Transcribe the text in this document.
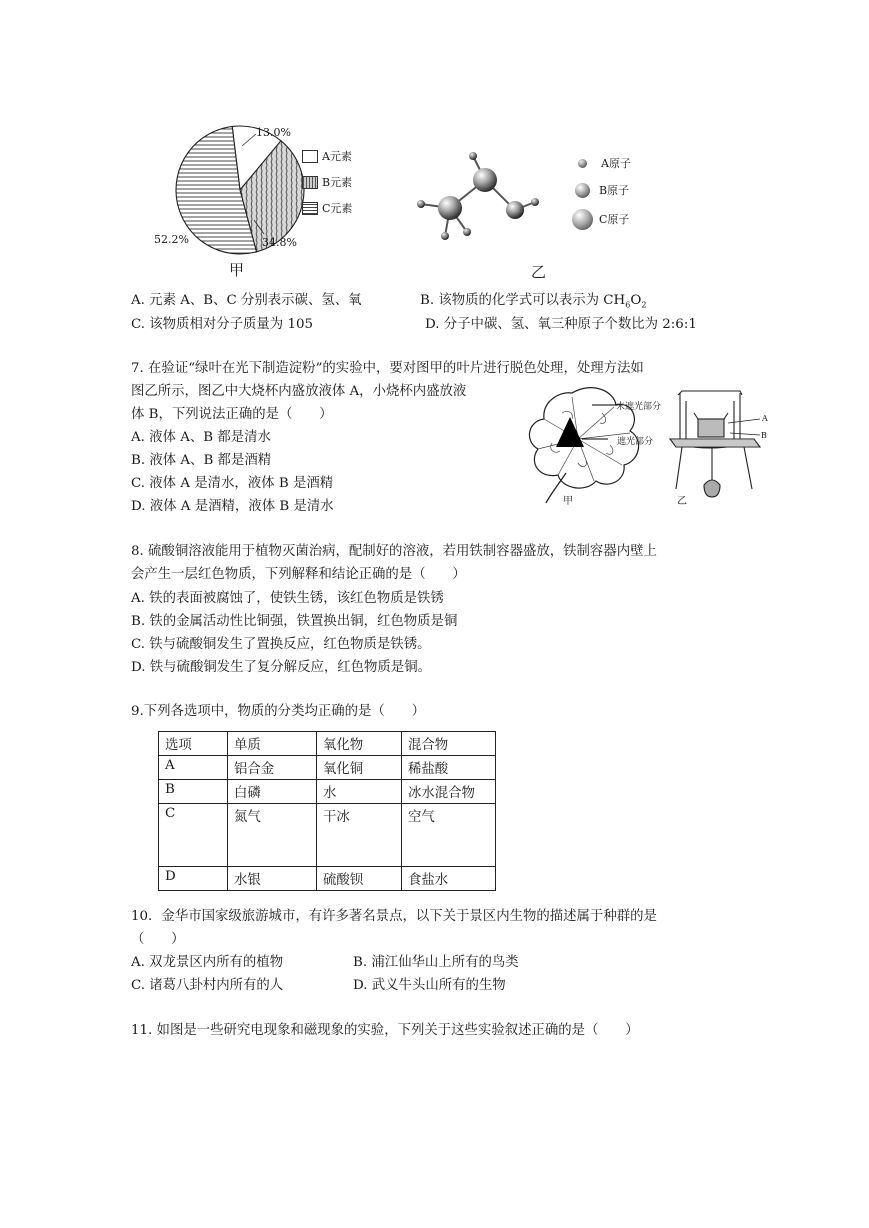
13.0%
34.8%
52.2%
A元素
B元素
C元素
甲
A原子
B原子
C原子
乙
A. 元素 A、B、C 分别表示碳、氢、氧	B. 该物质的化学式可以表示为 $CH_6O_2$
C. 该物质相对分子质量为 105	D. 分子中碳、氢、氧三种原子个数比为 2:6:1
7. 在验证“绿叶在光下制造淀粉”的实验中，要对图甲的叶片进行脱色处理，处理方法如
图乙所示，图乙中大烧杯内盛放液体 A，小烧杯内盛放液
体 B，下列说法正确的是（　　）
A. 液体 A、B 都是清水
B. 液体 A、B 都是酒精
C. 液体 A 是清水，液体 B 是酒精
D. 液体 A 是酒精，液体 B 是清水
未遮光部分
遮光部分
甲
A
B
乙
8. 硫酸铜溶液能用于植物灭菌治病，配制好的溶液，若用铁制容器盛放，铁制容器内壁上
会产生一层红色物质，下列解释和结论正确的是（　　）
A. 铁的表面被腐蚀了，使铁生锈，该红色物质是铁锈
B. 铁的金属活动性比铜强，铁置换出铜，红色物质是铜
C. 铁与硫酸铜发生了置换反应，红色物质是铁锈。
D. 铁与硫酸铜发生了复分解反应，红色物质是铜。
9.下列各选项中，物质的分类均正确的是（　　）
选项	单质	氧化物	混合物
A	铝合金	氧化铜	稀盐酸
B	白磷	水	冰水混合物
C	氮气	干冰	空气
D	水银	硫酸钡	食盐水
10．金华市国家级旅游城市，有许多著名景点，以下关于景区内生物的描述属于种群的是
（　　）
A. 双龙景区内所有的植物	B. 浦江仙华山上所有的鸟类
C. 诸葛八卦村内所有的人	D. 武义牛头山所有的生物
11. 如图是一些研究电现象和磁现象的实验，下列关于这些实验叙述正确的是（　　）
